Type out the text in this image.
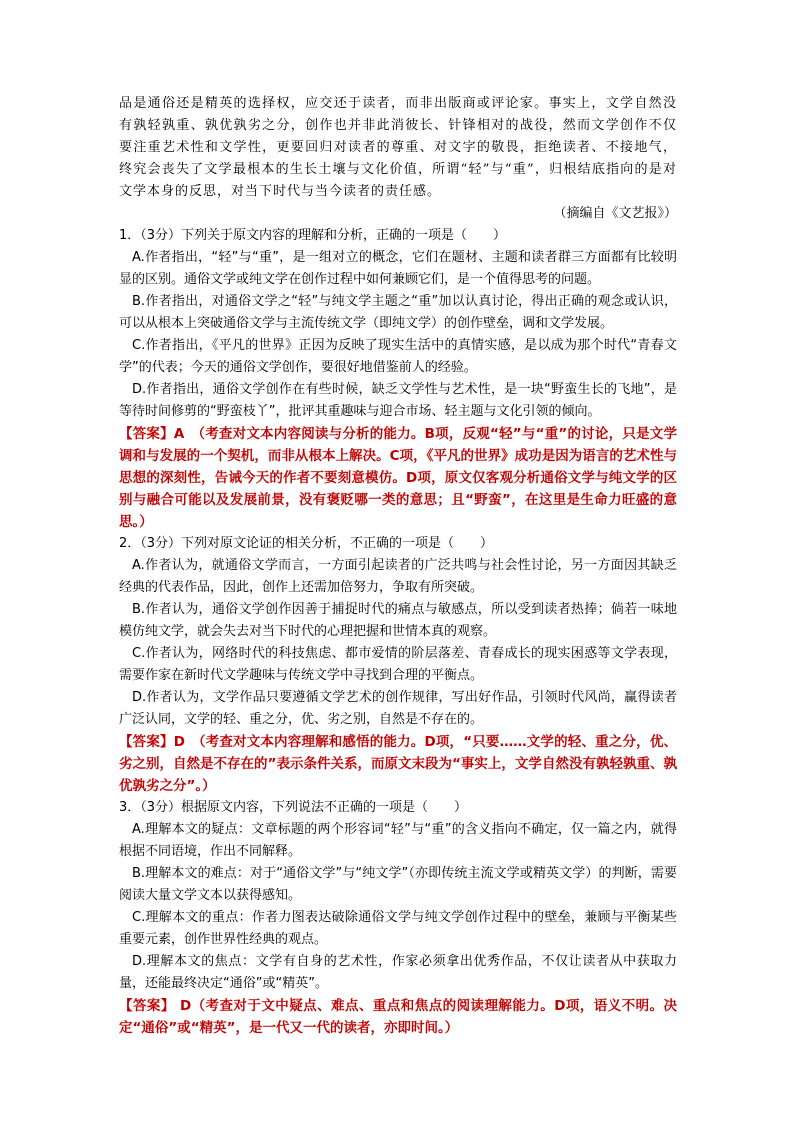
品是通俗还是精英的选择权，应交还于读者，而非出版商或评论家。事实上，文学自然没有孰轻孰重、孰优孰劣之分，创作也并非此消彼长、针锋相对的战役，然而文学创作不仅要注重艺术性和文学性，更要回归对读者的尊重、对文字的敬畏，拒绝读者、不接地气，终究会丧失了文学最根本的生长土壤与文化价值，所谓“轻”与“重”，归根结底指向的是对文学本身的反思，对当下时代与当今读者的责任感。

（摘编自《文艺报》）
1．（3分）下列关于原文内容的理解和分析，正确的一项是（　　）
A.作者指出，“轻”与“重”，是一组对立的概念，它们在题材、主题和读者群三方面都有比较明显的区别。通俗文学或纯文学在创作过程中如何兼顾它们，是一个值得思考的问题。
B.作者指出，对通俗文学之“轻”与纯文学主题之“重”加以认真讨论，得出正确的观念或认识，可以从根本上突破通俗文学与主流传统文学（即纯文学）的创作壁垒，调和文学发展。
C.作者指出，《平凡的世界》正因为反映了现实生活中的真情实感，是以成为那个时代“青春文学”的代表；今天的通俗文学创作，要很好地借鉴前人的经验。
D.作者指出，通俗文学创作在有些时候，缺乏文学性与艺术性，是一块“野蛮生长的飞地”，是等待时间修剪的“野蛮枝丫”，批评其重趣味与迎合市场、轻主题与文化引领的倾向。
【答案】A　（考查对文本内容阅读与分析的能力。B项，反观“轻”与“重”的讨论，只是文学调和与发展的一个契机，而非从根本上解决。C项，《平凡的世界》成功是因为语言的艺术性与思想的深刻性，告诫今天的作者不要刻意模仿。D项，原文仅客观分析通俗文学与纯文学的区别与融合可能以及发展前景，没有褒贬哪一类的意思；且“野蛮”，在这里是生命力旺盛的意思。）
2．（3分）下列对原文论证的相关分析，不正确的一项是（　　）
A.作者认为，就通俗文学而言，一方面引起读者的广泛共鸣与社会性讨论，另一方面因其缺乏经典的代表作品，因此，创作上还需加倍努力，争取有所突破。
B.作者认为，通俗文学创作因善于捕捉时代的痛点与敏感点，所以受到读者热捧；倘若一味地模仿纯文学，就会失去对当下时代的心理把握和世情本真的观察。
C.作者认为，网络时代的科技焦虑、都市爱情的阶层落差、青春成长的现实困惑等文学表现，需要作家在新时代文学趣味与传统文学中寻找到合理的平衡点。
D.作者认为，文学作品只要遵循文学艺术的创作规律，写出好作品，引领时代风尚，赢得读者广泛认同，文学的轻、重之分，优、劣之别，自然是不存在的。
【答案】D　（考查对文本内容理解和感悟的能力。D项，“只要……文学的轻、重之分，优、劣之别，自然是不存在的”表示条件关系，而原文末段为“事实上，文学自然没有孰轻孰重、孰优孰劣之分”。）
3．（3分）根据原文内容，下列说法不正确的一项是（　　）
A.理解本文的疑点：文章标题的两个形容词“轻”与“重”的含义指向不确定，仅一篇之内，就得根据不同语境，作出不同解释。
B.理解本文的难点：对于“通俗文学”与“纯文学”（亦即传统主流文学或精英文学）的判断，需要阅读大量文学文本以获得感知。
C.理解本文的重点：作者力图表达破除通俗文学与纯文学创作过程中的壁垒，兼顾与平衡某些重要元素，创作世界性经典的观点。
D.理解本文的焦点：文学有自身的艺术性，作家必须拿出优秀作品，不仅让读者从中获取力量，还能最终决定“通俗”或“精英”。
【答案】 D（考查对于文中疑点、难点、重点和焦点的阅读理解能力。D项，语义不明。决定“通俗”或“精英”，是一代又一代的读者，亦即时间。）
